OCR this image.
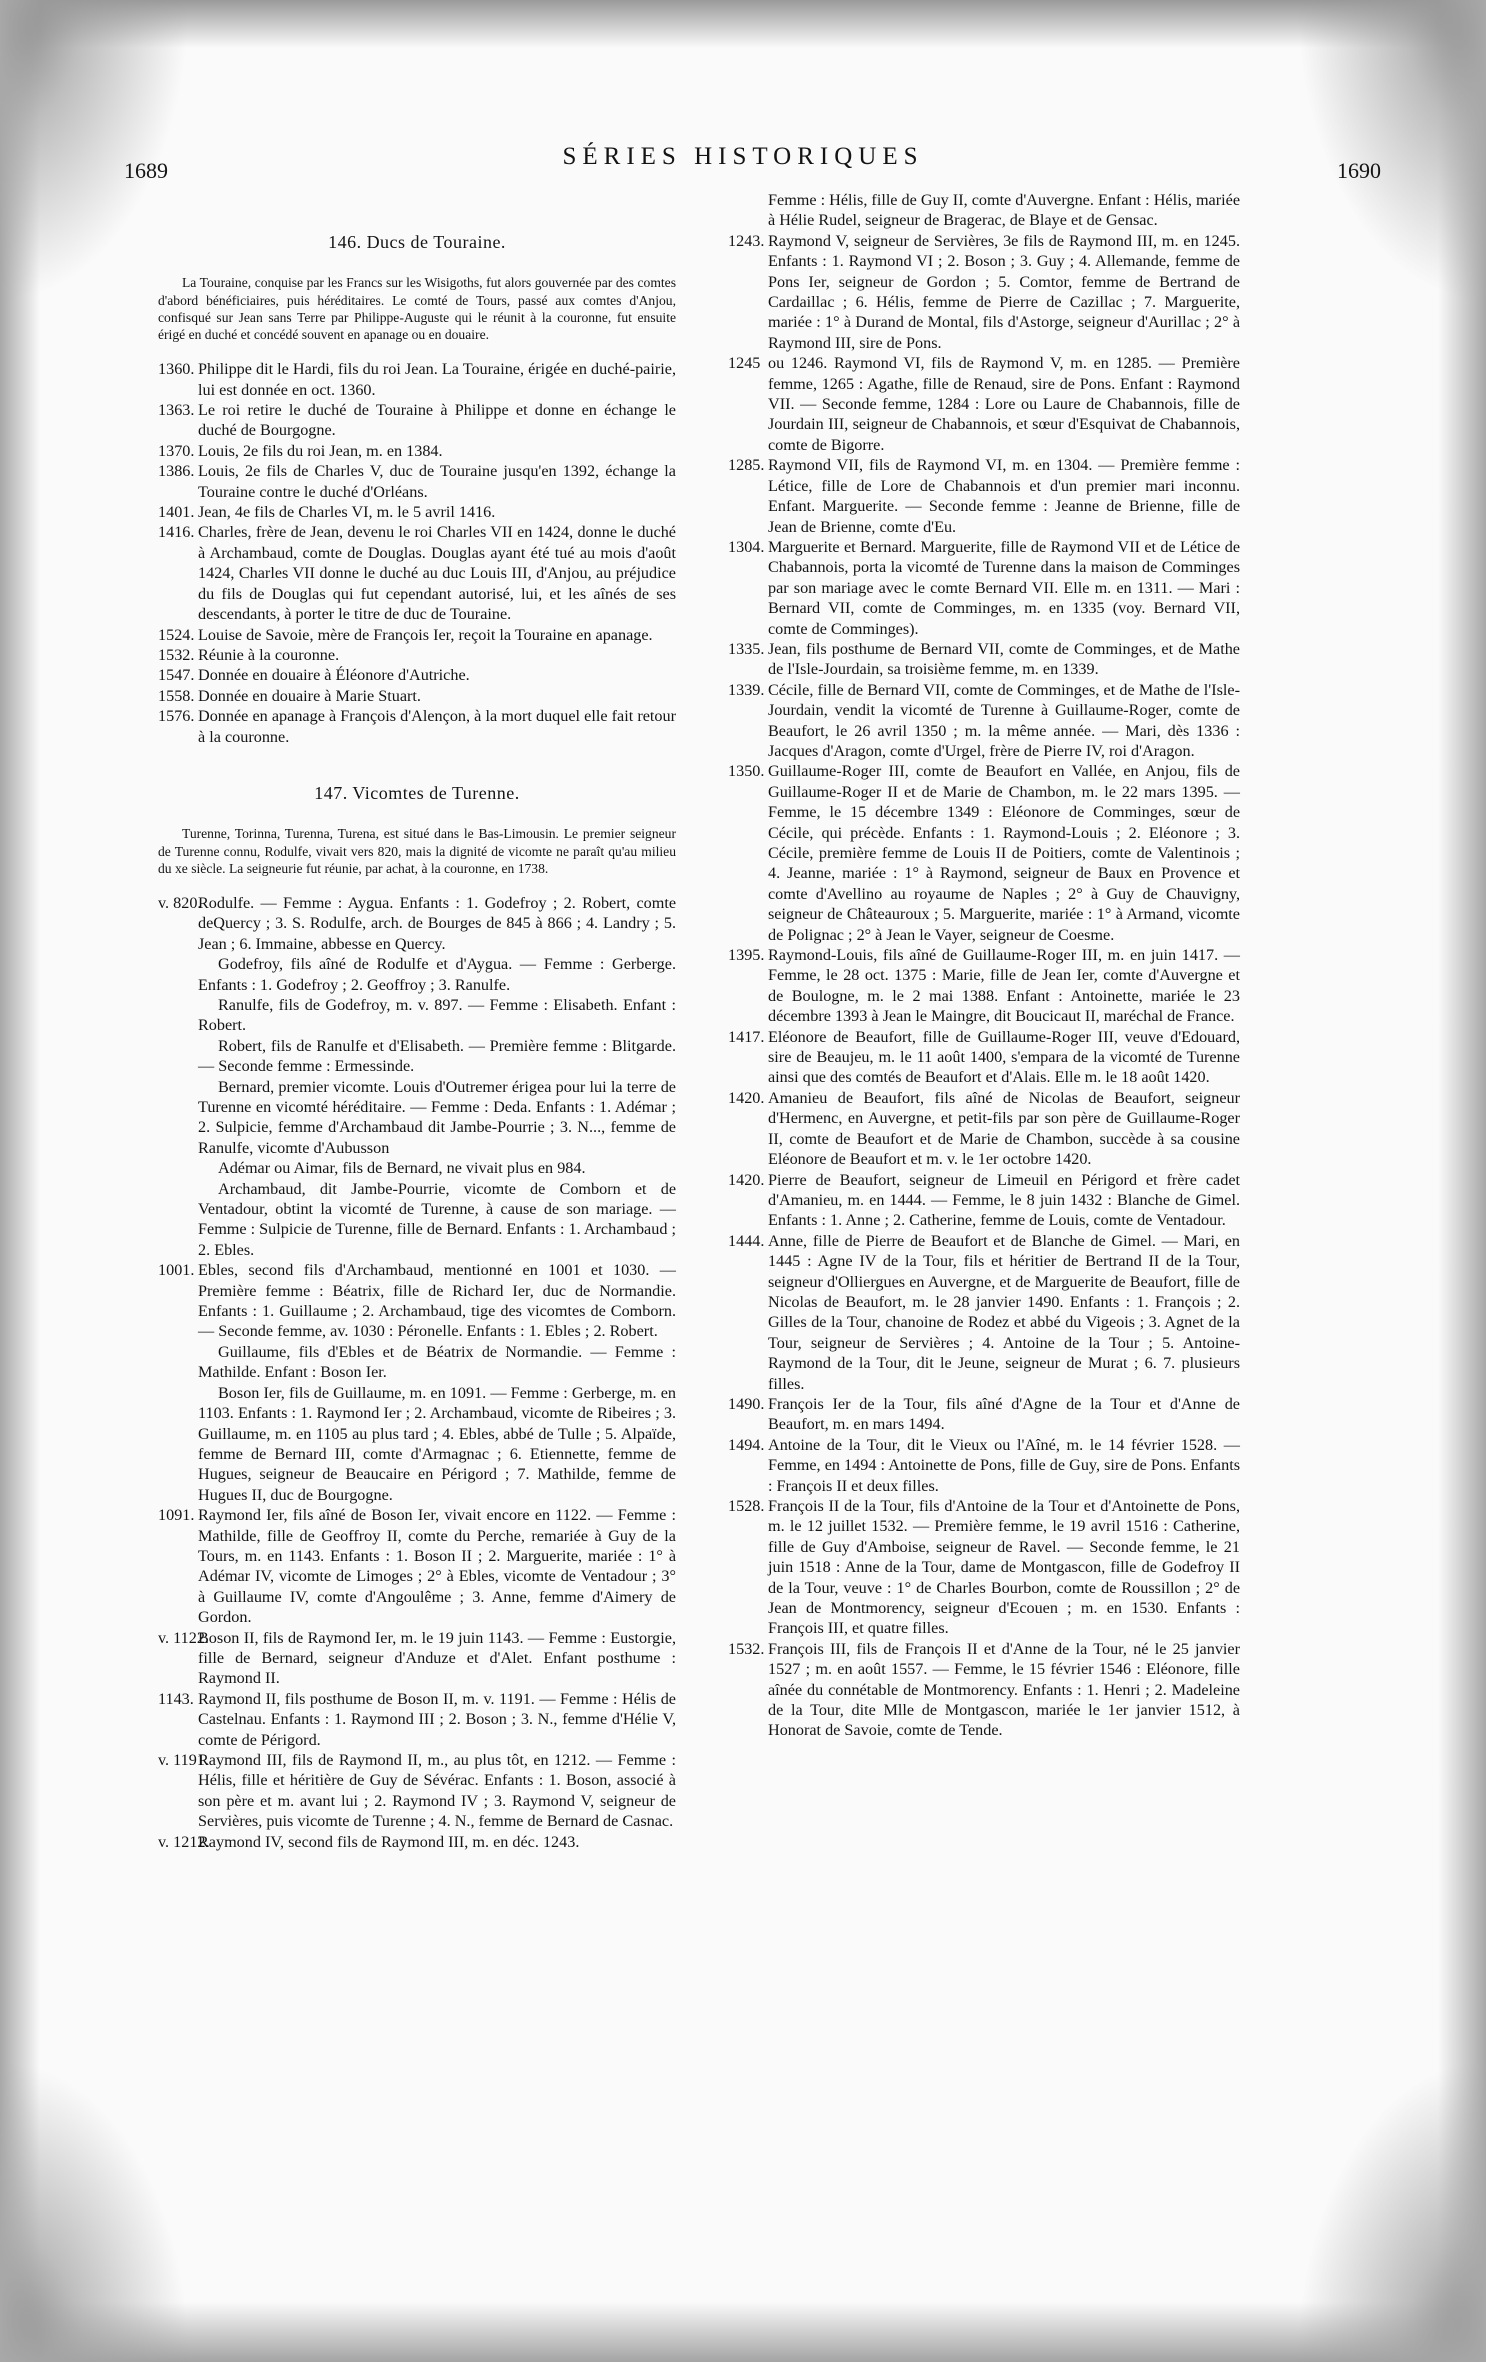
1689
SÉRIES HISTORIQUES
1690
146. Ducs de Touraine.

La Touraine, conquise par les Francs sur les Wisigoths, fut alors gouvernée par des comtes d'abord bénéficiaires, puis héréditaires. Le comté de Tours, passé aux comtes d'Anjou, confisqué sur Jean sans Terre par Philippe-Auguste qui le réunit à la couronne, fut ensuite érigé en duché et concédé souvent en apanage ou en douaire.

1360. Philippe dit le Hardi, fils du roi Jean. La Touraine, érigée en duché-pairie, lui est donnée en oct. 1360.

1363. Le roi retire le duché de Touraine à Philippe et donne en échange le duché de Bourgogne.

1370. Louis, 2e fils du roi Jean, m. en 1384.

1386. Louis, 2e fils de Charles V, duc de Touraine jusqu'en 1392, échange la Touraine contre le duché d'Orléans.

1401. Jean, 4e fils de Charles VI, m. le 5 avril 1416.

1416. Charles, frère de Jean, devenu le roi Charles VII en 1424, donne le duché à Archambaud, comte de Douglas. Douglas ayant été tué au mois d'août 1424, Charles VII donne le duché au duc Louis III, d'Anjou, au préjudice du fils de Douglas qui fut cependant autorisé, lui, et les aînés de ses descendants, à porter le titre de duc de Touraine.

1524. Louise de Savoie, mère de François Ier, reçoit la Touraine en apanage.

1532. Réunie à la couronne.

1547. Donnée en douaire à Éléonore d'Autriche.

1558. Donnée en douaire à Marie Stuart.

1576. Donnée en apanage à François d'Alençon, à la mort duquel elle fait retour à la couronne.

147. Vicomtes de Turenne.

Turenne, Torinna, Turenna, Turena, est situé dans le Bas-Limousin. Le premier seigneur de Turenne connu, Rodulfe, vivait vers 820, mais la dignité de vicomte ne paraît qu'au milieu du xe siècle. La seigneurie fut réunie, par achat, à la couronne, en 1738.

v. 820.
Rodulfe. — Femme : Aygua. Enfants : 1. Godefroy ; 2. Robert, comte deQuercy ; 3. S. Rodulfe, arch. de Bourges de 845 à 866 ; 4. Landry ; 5. Jean ; 6. Immaine, abbesse en Quercy.

Godefroy, fils aîné de Rodulfe et d'Aygua. — Femme : Gerberge. Enfants : 1. Godefroy ; 2. Geoffroy ; 3. Ranulfe.

Ranulfe, fils de Godefroy, m. v. 897. — Femme : Elisabeth. Enfant : Robert.

Robert, fils de Ranulfe et d'Elisabeth. — Première femme : Blitgarde. — Seconde femme : Ermessinde.

Bernard, premier vicomte. Louis d'Outremer érigea pour lui la terre de Turenne en vicomté héréditaire. — Femme : Deda. Enfants : 1. Adémar ; 2. Sulpicie, femme d'Archambaud dit Jambe-Pourrie ; 3. N..., femme de Ranulfe, vicomte d'Aubusson

Adémar ou Aimar, fils de Bernard, ne vivait plus en 984.

Archambaud, dit Jambe-Pourrie, vicomte de Comborn et de Ventadour, obtint la vicomté de Turenne, à cause de son mariage. — Femme : Sulpicie de Turenne, fille de Bernard. Enfants : 1. Archambaud ; 2. Ebles.

1001. Ebles, second fils d'Archambaud, mentionné en 1001 et 1030. — Première femme : Béatrix, fille de Richard Ier, duc de Normandie. Enfants : 1. Guillaume ; 2. Archambaud, tige des vicomtes de Comborn. — Seconde femme, av. 1030 : Péronelle. Enfants : 1. Ebles ; 2. Robert.

Guillaume, fils d'Ebles et de Béatrix de Normandie. — Femme : Mathilde. Enfant : Boson Ier.

Boson Ier, fils de Guillaume, m. en 1091. — Femme : Gerberge, m. en 1103. Enfants : 1. Raymond Ier ; 2. Archambaud, vicomte de Ribeires ; 3. Guillaume, m. en 1105 au plus tard ; 4. Ebles, abbé de Tulle ; 5. Alpaïde, femme de Bernard III, comte d'Armagnac ; 6. Etiennette, femme de Hugues, seigneur de Beaucaire en Périgord ; 7. Mathilde, femme de Hugues II, duc de Bourgogne.

1091. Raymond Ier, fils aîné de Boson Ier, vivait encore en 1122. — Femme : Mathilde, fille de Geoffroy II, comte du Perche, remariée à Guy de la Tours, m. en 1143. Enfants : 1. Boson II ; 2. Marguerite, mariée : 1° à Adémar IV, vicomte de Limoges ; 2° à Ebles, vicomte de Ventadour ; 3° à Guillaume IV, comte d'Angoulême ; 3. Anne, femme d'Aimery de Gordon.

v. 1122.
Boson II, fils de Raymond Ier, m. le 19 juin 1143. — Femme : Eustorgie, fille de Bernard, seigneur d'Anduze et d'Alet. Enfant posthume : Raymond II.

1143. Raymond II, fils posthume de Boson II, m. v. 1191. — Femme : Hélis de Castelnau. Enfants : 1. Raymond III ; 2. Boson ; 3. N., femme d'Hélie V, comte de Périgord.

v. 1191.
Raymond III, fils de Raymond II, m., au plus tôt, en 1212. — Femme : Hélis, fille et héritière de Guy de Sévérac. Enfants : 1. Boson, associé à son père et m. avant lui ; 2. Raymond IV ; 3. Raymond V, seigneur de Servières, puis vicomte de Turenne ; 4. N., femme de Bernard de Casnac.

v. 1212.
Raymond IV, second fils de Raymond III, m. en déc. 1243.

Femme : Hélis, fille de Guy II, comte d'Auvergne. Enfant : Hélis, mariée à Hélie Rudel, seigneur de Bragerac, de Blaye et de Gensac.

1243. Raymond V, seigneur de Servières, 3e fils de Raymond III, m. en 1245. Enfants : 1. Raymond VI ; 2. Boson ; 3. Guy ; 4. Allemande, femme de Pons Ier, seigneur de Gordon ; 5. Comtor, femme de Bertrand de Cardaillac ; 6. Hélis, femme de Pierre de Cazillac ; 7. Marguerite, mariée : 1° à Durand de Montal, fils d'Astorge, seigneur d'Aurillac ; 2° à Raymond III, sire de Pons.

1245 ou 1246. Raymond VI, fils de Raymond V, m. en 1285. — Première femme, 1265 : Agathe, fille de Renaud, sire de Pons. Enfant : Raymond VII. — Seconde femme, 1284 : Lore ou Laure de Chabannois, fille de Jourdain III, seigneur de Chabannois, et sœur d'Esquivat de Chabannois, comte de Bigorre.

1285. Raymond VII, fils de Raymond VI, m. en 1304. — Première femme : Létice, fille de Lore de Chabannois et d'un premier mari inconnu. Enfant. Marguerite. — Seconde femme : Jeanne de Brienne, fille de Jean de Brienne, comte d'Eu.

1304. Marguerite et Bernard. Marguerite, fille de Raymond VII et de Létice de Chabannois, porta la vicomté de Turenne dans la maison de Comminges par son mariage avec le comte Bernard VII. Elle m. en 1311. — Mari : Bernard VII, comte de Comminges, m. en 1335 (voy. Bernard VII, comte de Comminges).

1335. Jean, fils posthume de Bernard VII, comte de Comminges, et de Mathe de l'Isle-Jourdain, sa troisième femme, m. en 1339.

1339. Cécile, fille de Bernard VII, comte de Comminges, et de Mathe de l'Isle-Jourdain, vendit la vicomté de Turenne à Guillaume-Roger, comte de Beaufort, le 26 avril 1350 ; m. la même année. — Mari, dès 1336 : Jacques d'Aragon, comte d'Urgel, frère de Pierre IV, roi d'Aragon.

1350. Guillaume-Roger III, comte de Beaufort en Vallée, en Anjou, fils de Guillaume-Roger II et de Marie de Chambon, m. le 22 mars 1395. — Femme, le 15 décembre 1349 : Eléonore de Comminges, sœur de Cécile, qui précède. Enfants : 1. Raymond-Louis ; 2. Eléonore ; 3. Cécile, première femme de Louis II de Poitiers, comte de Valentinois ; 4. Jeanne, mariée : 1° à Raymond, seigneur de Baux en Provence et comte d'Avellino au royaume de Naples ; 2° à Guy de Chauvigny, seigneur de Châteauroux ; 5. Marguerite, mariée : 1° à Armand, vicomte de Polignac ; 2° à Jean le Vayer, seigneur de Coesme.

1395. Raymond-Louis, fils aîné de Guillaume-Roger III, m. en juin 1417. — Femme, le 28 oct. 1375 : Marie, fille de Jean Ier, comte d'Auvergne et de Boulogne, m. le 2 mai 1388. Enfant : Antoinette, mariée le 23 décembre 1393 à Jean le Maingre, dit Boucicaut II, maréchal de France.

1417. Eléonore de Beaufort, fille de Guillaume-Roger III, veuve d'Edouard, sire de Beaujeu, m. le 11 août 1400, s'empara de la vicomté de Turenne ainsi que des comtés de Beaufort et d'Alais. Elle m. le 18 août 1420.

1420. Amanieu de Beaufort, fils aîné de Nicolas de Beaufort, seigneur d'Hermenc, en Auvergne, et petit-fils par son père de Guillaume-Roger II, comte de Beaufort et de Marie de Chambon, succède à sa cousine Eléonore de Beaufort et m. v. le 1er octobre 1420.

1420. Pierre de Beaufort, seigneur de Limeuil en Périgord et frère cadet d'Amanieu, m. en 1444. — Femme, le 8 juin 1432 : Blanche de Gimel. Enfants : 1. Anne ; 2. Catherine, femme de Louis, comte de Ventadour.

1444. Anne, fille de Pierre de Beaufort et de Blanche de Gimel. — Mari, en 1445 : Agne IV de la Tour, fils et héritier de Bertrand II de la Tour, seigneur d'Olliergues en Auvergne, et de Marguerite de Beaufort, fille de Nicolas de Beaufort, m. le 28 janvier 1490. Enfants : 1. François ; 2. Gilles de la Tour, chanoine de Rodez et abbé du Vigeois ; 3. Agnet de la Tour, seigneur de Servières ; 4. Antoine de la Tour ; 5. Antoine-Raymond de la Tour, dit le Jeune, seigneur de Murat ; 6. 7. plusieurs filles.

1490. François Ier de la Tour, fils aîné d'Agne de la Tour et d'Anne de Beaufort, m. en mars 1494.

1494. Antoine de la Tour, dit le Vieux ou l'Aîné, m. le 14 février 1528. — Femme, en 1494 : Antoinette de Pons, fille de Guy, sire de Pons. Enfants : François II et deux filles.

1528. François II de la Tour, fils d'Antoine de la Tour et d'Antoinette de Pons, m. le 12 juillet 1532. — Première femme, le 19 avril 1516 : Catherine, fille de Guy d'Amboise, seigneur de Ravel. — Seconde femme, le 21 juin 1518 : Anne de la Tour, dame de Montgascon, fille de Godefroy II de la Tour, veuve : 1° de Charles Bourbon, comte de Roussillon ; 2° de Jean de Montmorency, seigneur d'Ecouen ; m. en 1530. Enfants : François III, et quatre filles.

1532. François III, fils de François II et d'Anne de la Tour, né le 25 janvier 1527 ; m. en août 1557. — Femme, le 15 février 1546 : Eléonore, fille aînée du connétable de Montmorency. Enfants : 1. Henri ; 2. Madeleine de la Tour, dite Mlle de Montgascon, mariée le 1er janvier 1512, à Honorat de Savoie, comte de Tende.
